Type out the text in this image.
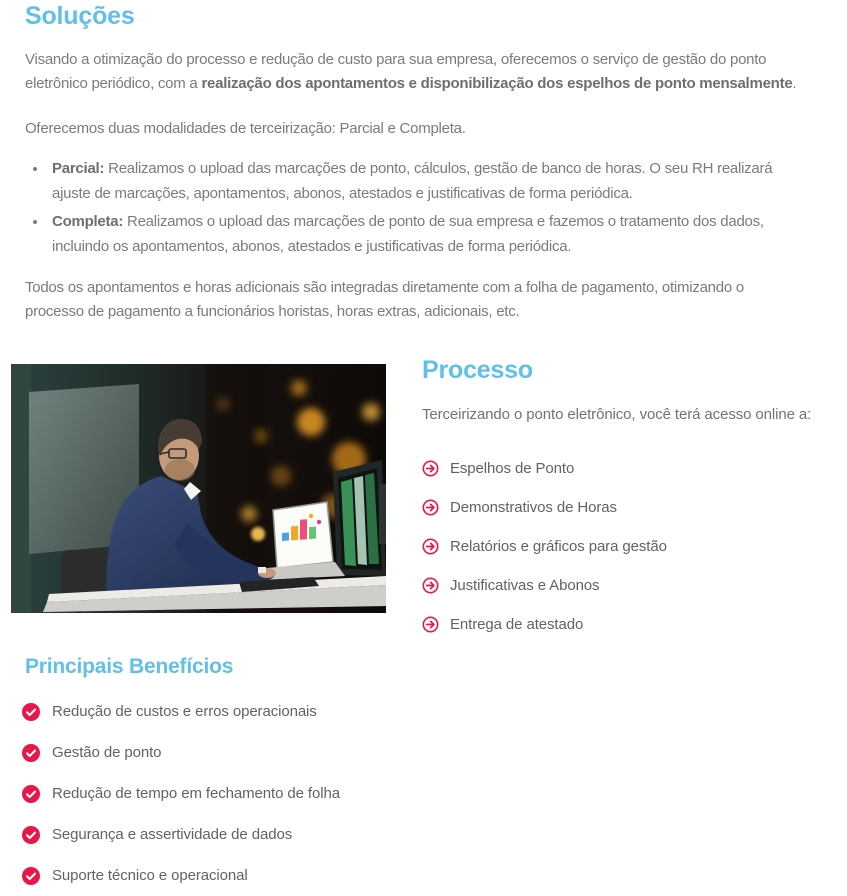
Soluções

Visando a otimização do processo e redução de custo para sua empresa, oferecemos o serviço de gestão do ponto eletrônico periódico, com a realização dos apontamentos e disponibilização dos espelhos de ponto mensalmente.

Oferecemos duas modalidades de terceirização: Parcial e Completa.

• Parcial: Realizamos o upload das marcações de ponto, cálculos, gestão de banco de horas. O seu RH realizará ajuste de marcações, apontamentos, abonos, atestados e justificativas de forma periódica.
• Completa: Realizamos o upload das marcações de ponto de sua empresa e fazemos o tratamento dos dados, incluindo os apontamentos, abonos, atestados e justificativas de forma periódica.

Todos os apontamentos e horas adicionais são integradas diretamente com a folha de pagamento, otimizando o processo de pagamento a funcionários horistas, horas extras, adicionais, etc.

Processo

Terceirizando o ponto eletrônico, você terá acesso online a:

Espelhos de Ponto
Demonstrativos de Horas
Relatórios e gráficos para gestão
Justificativas e Abonos
Entrega de atestado
Principais Benefícios
Redução de custos e erros operacionais
Gestão de ponto
Redução de tempo em fechamento de folha
Segurança e assertividade de dados
Suporte técnico e operacional
